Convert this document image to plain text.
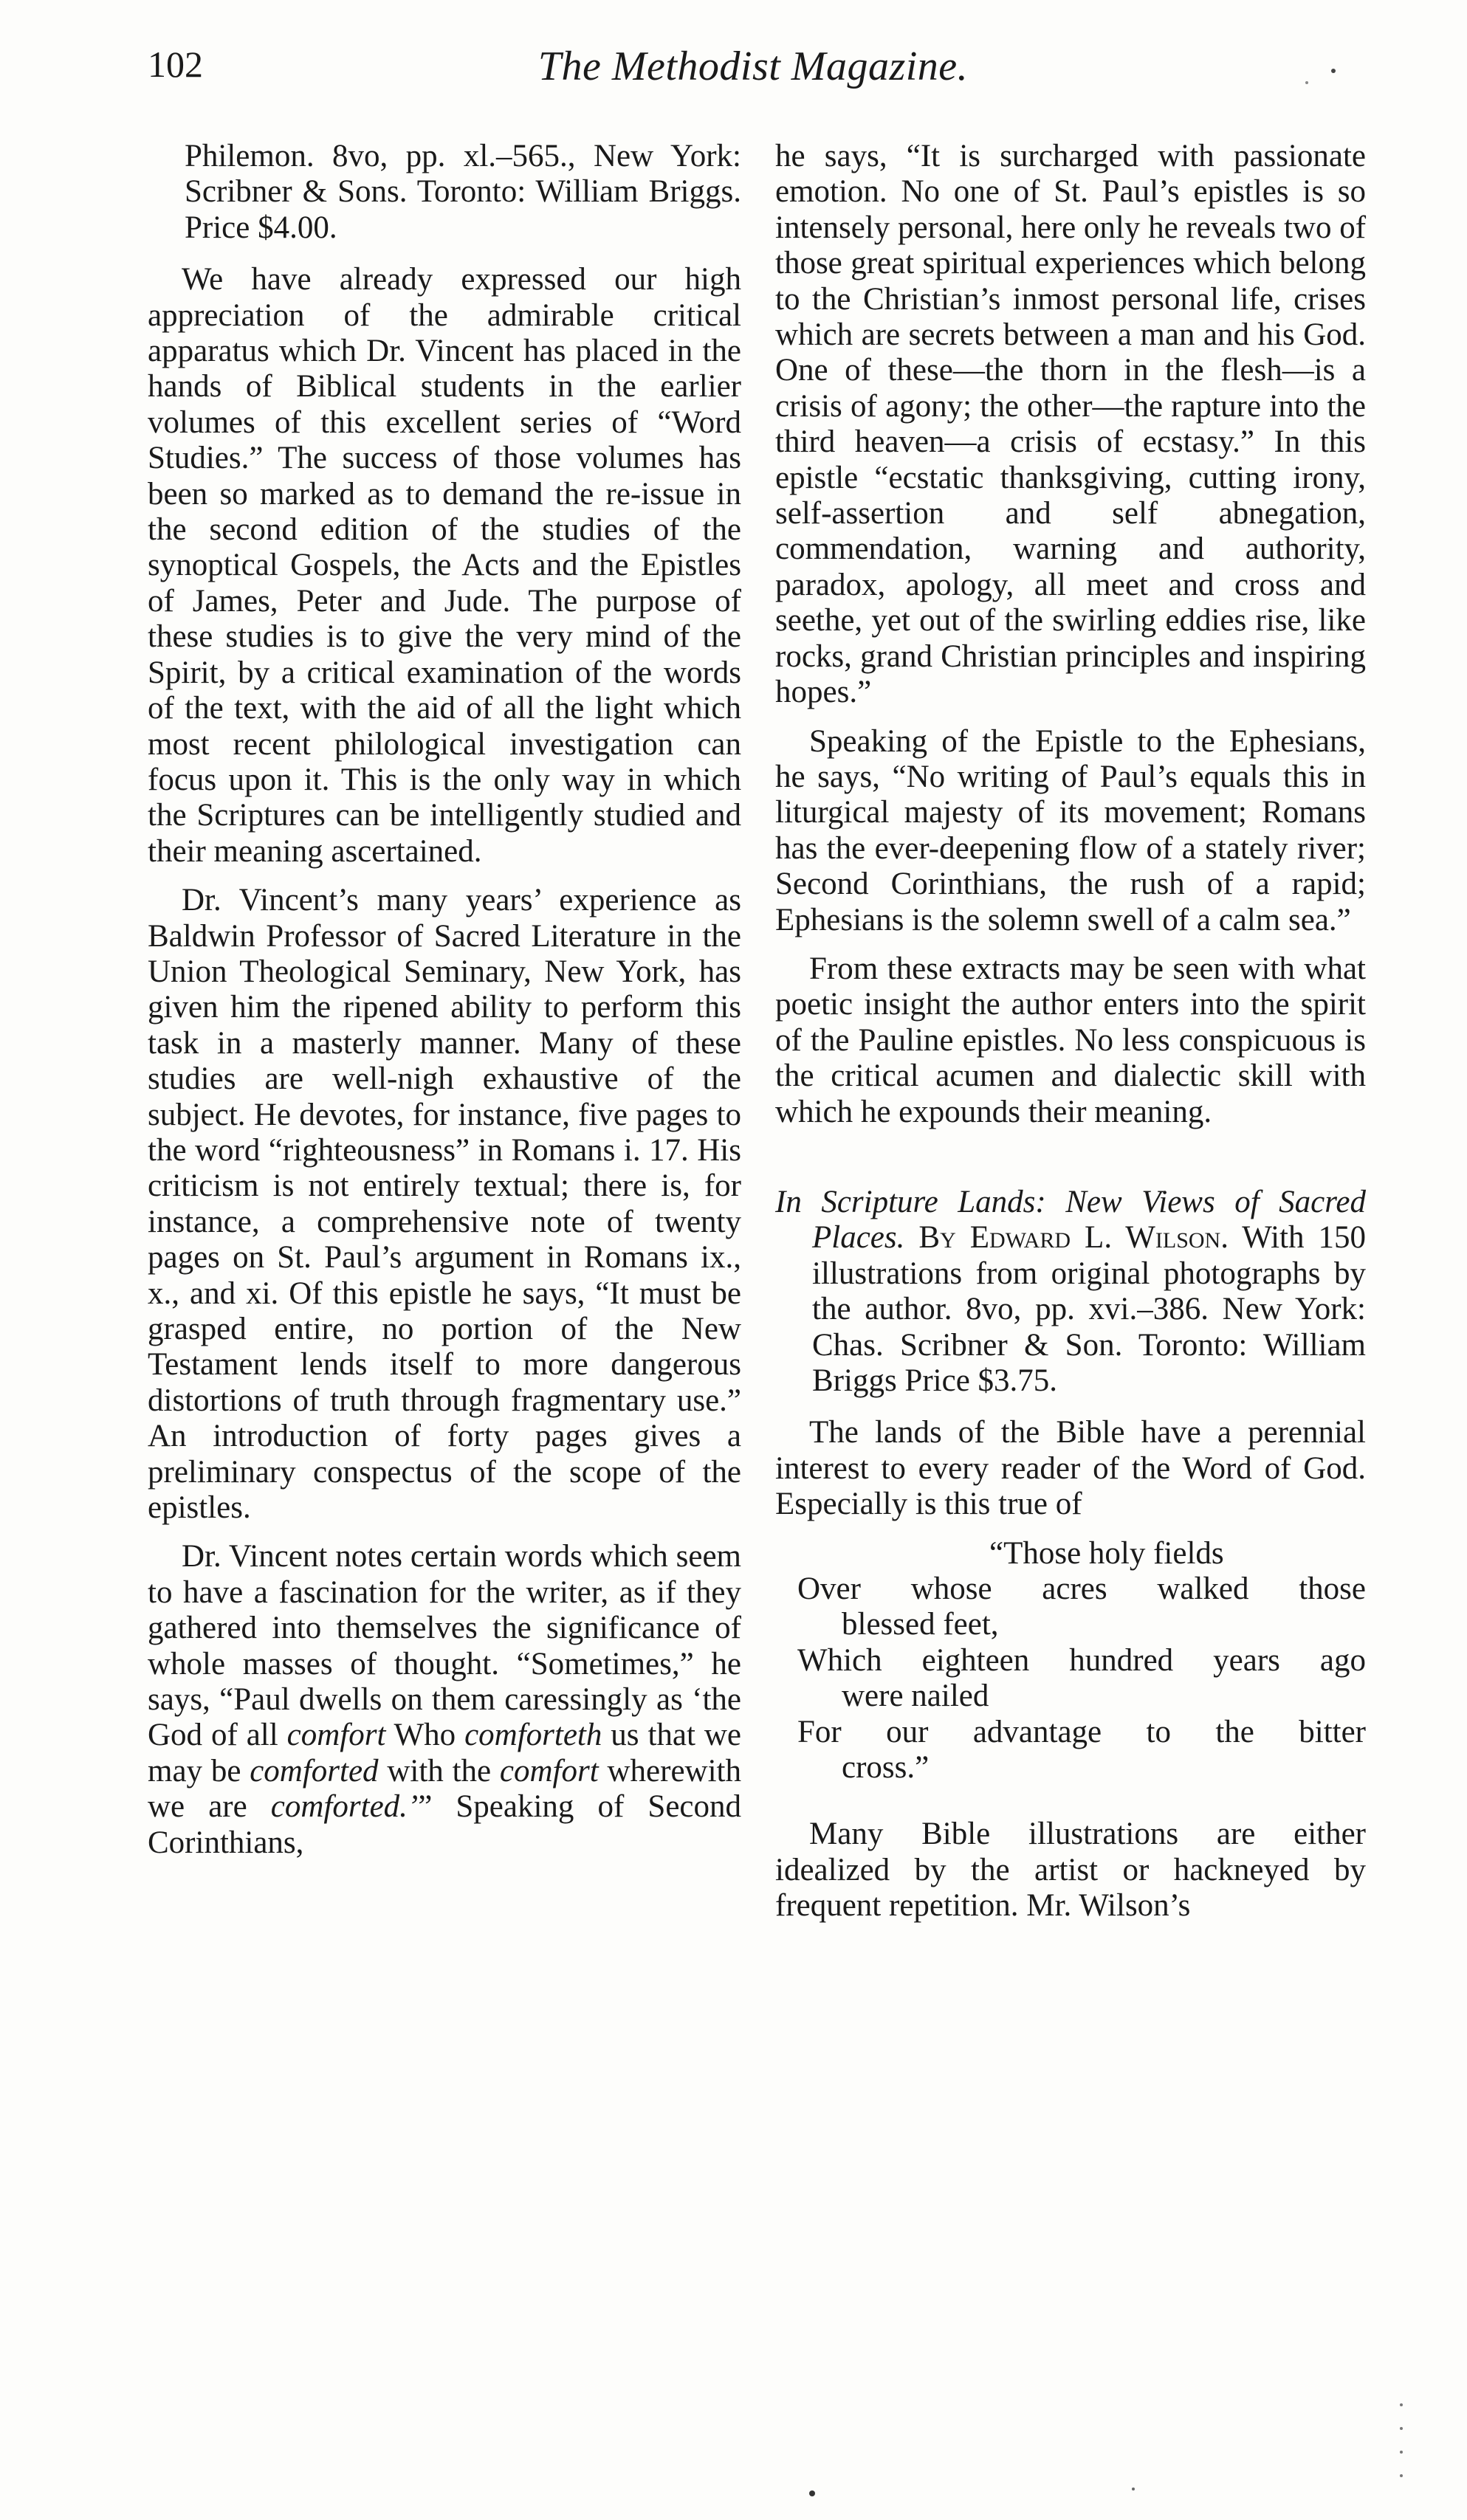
102	The Methodist Magazine.

Philemon. 8vo, pp. xl.–565., New York: Scribner & Sons. Toronto: William Briggs. Price $4.00.

We have already expressed our high appreciation of the admirable critical apparatus which Dr. Vincent has placed in the hands of Biblical students in the earlier volumes of this excellent series of “Word Studies.” The success of those volumes has been so marked as to demand the re-issue in the second edition of the studies of the synoptical Gospels, the Acts and the Epistles of James, Peter and Jude. The purpose of these studies is to give the very mind of the Spirit, by a critical examination of the words of the text, with the aid of all the light which most recent philological investigation can focus upon it. This is the only way in which the Scriptures can be intelligently studied and their meaning ascertained.

Dr. Vincent’s many years’ experience as Baldwin Professor of Sacred Literature in the Union Theological Seminary, New York, has given him the ripened ability to perform this task in a masterly manner. Many of these studies are well-nigh exhaustive of the subject. He devotes, for instance, five pages to the word “righteousness” in Romans i. 17. His criticism is not entirely textual; there is, for instance, a comprehensive note of twenty pages on St. Paul’s argument in Romans ix., x., and xi. Of this epistle he says, “It must be grasped entire, no portion of the New Testament lends itself to more dangerous distortions of truth through fragmentary use.” An introduction of forty pages gives a preliminary conspectus of the scope of the epistles.

Dr. Vincent notes certain words which seem to have a fascination for the writer, as if they gathered into themselves the significance of whole masses of thought. “Sometimes,” he says, “Paul dwells on them caressingly as ‘the God of all comfort Who comforteth us that we may be comforted with the comfort wherewith we are comforted.’” Speaking of Second Corinthians,

he says, “It is surcharged with passionate emotion. No one of St. Paul’s epistles is so intensely personal, here only he reveals two of those great spiritual experiences which belong to the Christian’s inmost personal life, crises which are secrets between a man and his God. One of these—the thorn in the flesh—is a crisis of agony; the other—the rapture into the third heaven—a crisis of ecstasy.” In this epistle “ecstatic thanksgiving, cutting irony, self-assertion and self abnegation, commendation, warning and authority, paradox, apology, all meet and cross and seethe, yet out of the swirling eddies rise, like rocks, grand Christian principles and inspiring hopes.”

Speaking of the Epistle to the Ephesians, he says, “No writing of Paul’s equals this in liturgical majesty of its movement; Romans has the ever-deepening flow of a stately river; Second Corinthians, the rush of a rapid; Ephesians is the solemn swell of a calm sea.”

From these extracts may be seen with what poetic insight the author enters into the spirit of the Pauline epistles. No less conspicuous is the critical acumen and dialectic skill with which he expounds their meaning.

In Scripture Lands: New Views of Sacred Places. By Edward L. Wilson. With 150 illustrations from original photographs by the author. 8vo, pp. xvi.–386. New York: Chas. Scribner & Son. Toronto: William Briggs Price $3.75.

The lands of the Bible have a perennial interest to every reader of the Word of God. Especially is this true of

“Those holy fields
Over whose acres walked those
blessed feet,
Which eighteen hundred years ago
were nailed
For our advantage to the bitter
cross.”

Many Bible illustrations are either idealized by the artist or hackneyed by frequent repetition. Mr. Wilson’s
